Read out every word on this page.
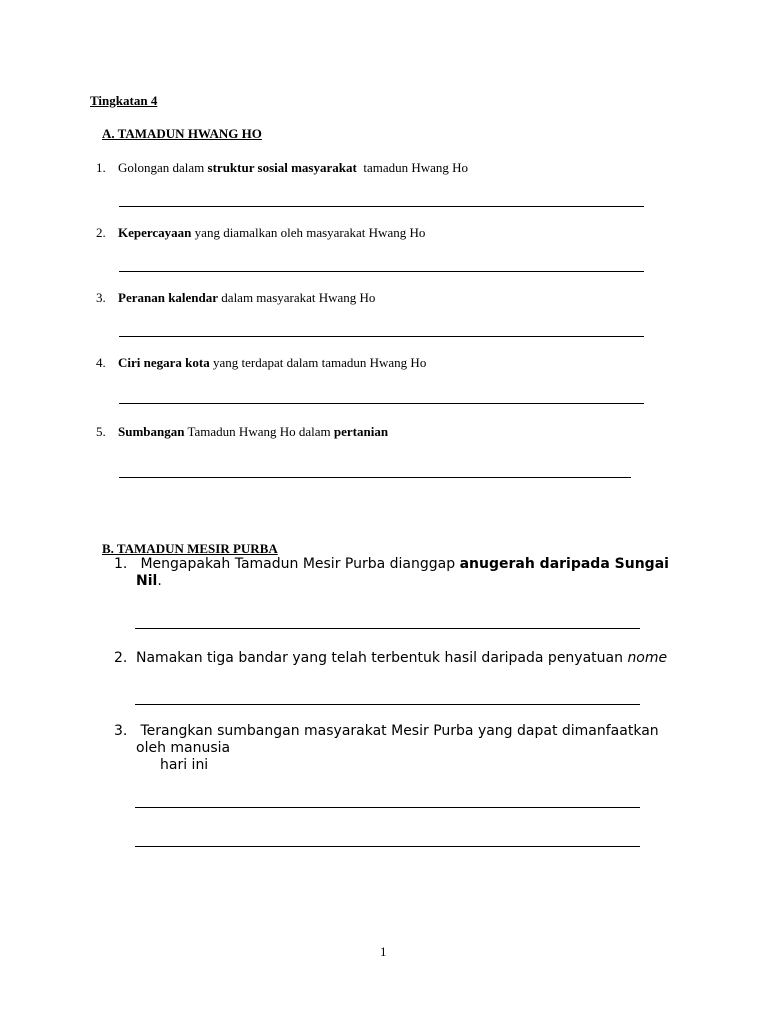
Tingkatan 4
A. TAMADUN HWANG HO
1. Golongan dalam struktur sosial masyarakat  tamadun Hwang Ho
2. Kepercayaan yang diamalkan oleh masyarakat Hwang Ho
3. Peranan kalendar dalam masyarakat Hwang Ho
4. Ciri negara kota yang terdapat dalam tamadun Hwang Ho
5. Sumbangan Tamadun Hwang Ho dalam pertanian
B. TAMADUN MESIR PURBA
1. Mengapakah Tamadun Mesir Purba dianggap anugerah daripada Sungai
Nil.
2. Namakan tiga bandar yang telah terbentuk hasil daripada penyatuan nome
3. Terangkan sumbangan masyarakat Mesir Purba yang dapat dimanfaatkan
oleh manusia
hari ini
1
